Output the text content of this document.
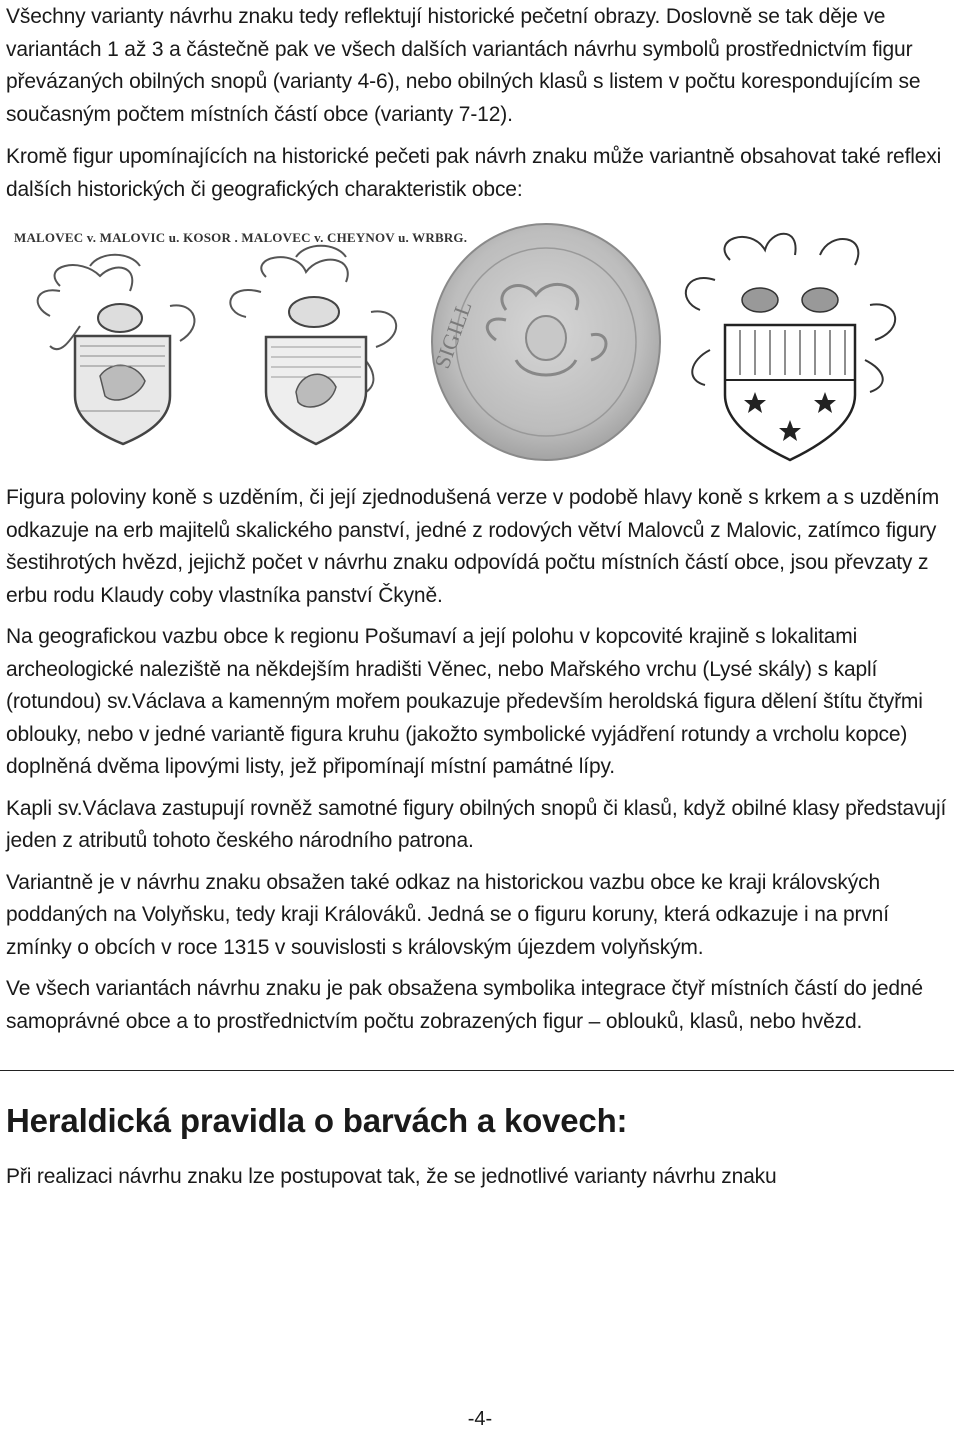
Všechny varianty návrhu znaku tedy reflektují historické pečetní obrazy. Doslovně se tak děje ve variantách 1 až 3 a částečně pak ve všech dalších variantách návrhu symbolů prostřednictvím figur převázaných obilných snopů (varianty 4-6), nebo obilných klasů s listem v počtu korespondujícím se současným počtem místních částí obce (varianty 7-12).

Kromě figur upomínajících na historické pečeti pak návrh znaku může variantně obsahovat také reflexi dalších historických či geografických charakteristik obce:

MALOVEC v. MALOVIC u. KOSOR . MALOVEC v. CHEYNOV u. WRBRG.
SIGILL

Figura poloviny koně s uzděním, či její zjednodušená verze v podobě hlavy koně s krkem a s uzděním odkazuje na erb majitelů skalického panství, jedné z rodových větví Malovců z Malovic, zatímco figury šestihrotých hvězd, jejichž počet v návrhu znaku odpovídá počtu místních částí obce, jsou převzaty z erbu rodu Klaudy coby vlastníka panství Čkyně.

Na geografickou vazbu obce k regionu Pošumaví a její polohu v kopcovité krajině s lokalitami archeologické naleziště na někdejším hradišti Věnec, nebo Mařského vrchu (Lysé skály) s kaplí (rotundou) sv.Václava a kamenným mořem poukazuje především heroldská figura dělení štítu čtyřmi oblouky, nebo v jedné variantě figura kruhu (jakožto symbolické vyjádření rotundy a vrcholu kopce) doplněná dvěma lipovými listy, jež připomínají místní památné lípy.

Kapli sv.Václava zastupují rovněž samotné figury obilných snopů či klasů, když obilné klasy představují jeden z atributů tohoto českého národního patrona.

Variantně je v návrhu znaku obsažen také odkaz na historickou vazbu obce ke kraji královských poddaných na Volyňsku, tedy kraji Králováků. Jedná se o figuru koruny, která odkazuje i na první zmínky o obcích v roce 1315 v souvislosti s královským újezdem volyňským.

Ve všech variantách návrhu znaku je pak obsažena symbolika integrace čtyř místních částí do jedné samoprávné obce a to prostřednictvím počtu zobrazených figur – oblouků, klasů, nebo hvězd.

Heraldická pravidla o barvách a kovech:

Při realizaci návrhu znaku lze postupovat tak, že se jednotlivé varianty návrhu znaku

-4-
